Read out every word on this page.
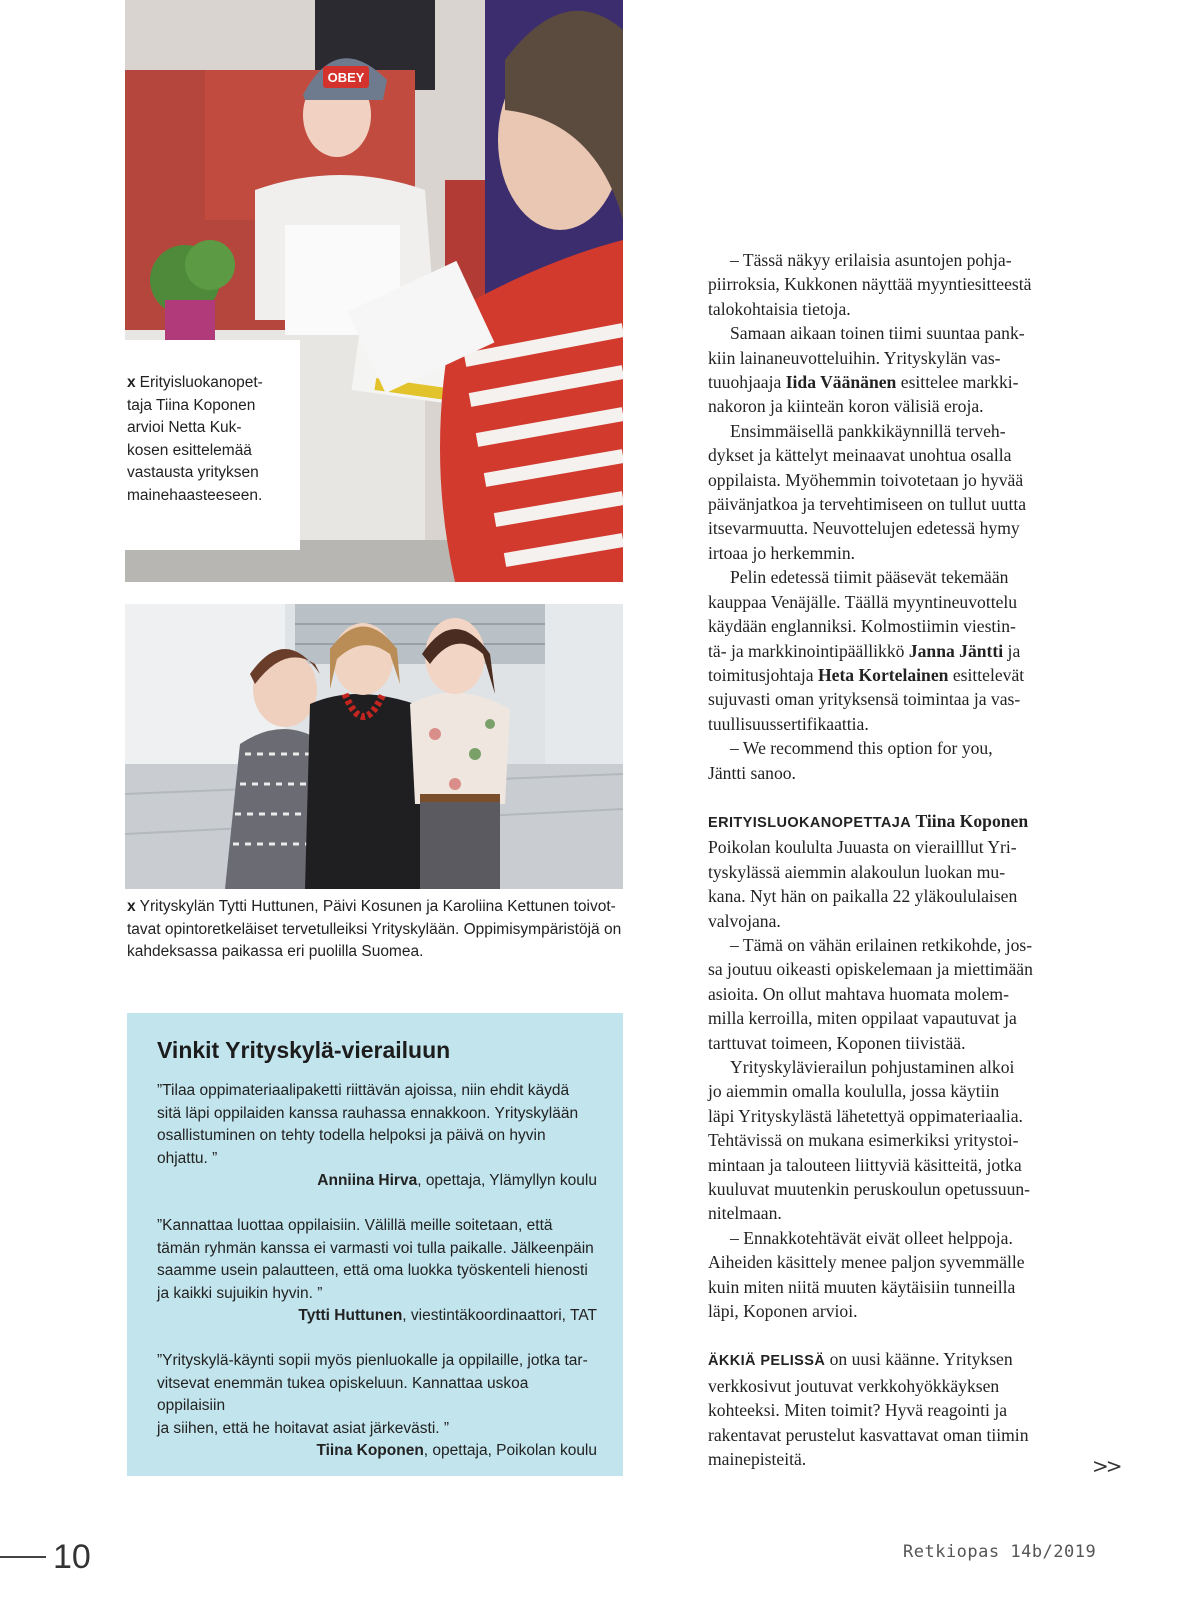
OBEY
x Erityisluokanopet-
taja Tiina Koponen
arvioi Netta Kuk-
kosen esittelemää
vastausta yrityksen
mainehaasteeseen.
x Yrityskylän Tytti Huttunen, Päivi Kosunen ja Karoliina Kettunen toivot-
tavat opintoretkeläiset tervetulleiksi Yrityskylään. Oppimisympäristöjä on
kahdeksassa paikassa eri puolilla Suomea.
Vinkit Yrityskylä-vierailuun

”Tilaa oppimateriaalipaketti riittävän ajoissa, niin ehdit käydä

sitä läpi oppilaiden kanssa rauhassa ennakkoon. Yrityskylään

osallistuminen on tehty todella helpoksi ja päivä on hyvin

ohjattu. ”

Anniina Hirva, opettaja, Ylämyllyn koulu

”Kannattaa luottaa oppilaisiin. Välillä meille soitetaan, että

tämän ryhmän kanssa ei varmasti voi tulla paikalle. Jälkeenpäin

saamme usein palautteen, että oma luokka työskenteli hienosti

ja kaikki sujuikin hyvin. ”

Tytti Huttunen, viestintäkoordinaattori, TAT

”Yrityskylä-käynti sopii myös pienluokalle ja oppilaille, jotka tar-

vitsevat enemmän tukea opiskeluun. Kannattaa uskoa oppilaisiin

ja siihen, että he hoitavat asiat järkevästi. ”

Tiina Koponen, opettaja, Poikolan koulu

– Tässä näkyy erilaisia asuntojen pohja-

piirroksia, Kukkonen näyttää myyntiesitteestä

talokohtaisia tietoja.

Samaan aikaan toinen tiimi suuntaa pank-

kiin lainaneuvotteluihin. Yrityskylän vas-

tuuohjaaja Iida Väänänen esittelee markki-

nakoron ja kiinteän koron välisiä eroja.

Ensimmäisellä pankkikäynnillä terveh-

dykset ja kättelyt meinaavat unohtua osalla

oppilaista. Myöhemmin toivotetaan jo hyvää

päivänjatkoa ja tervehtimiseen on tullut uutta

itsevarmuutta. Neuvottelujen edetessä hymy

irtoaa jo herkemmin.

Pelin edetessä tiimit pääsevät tekemään

kauppaa Venäjälle. Täällä myyntineuvottelu

käydään englanniksi. Kolmostiimin viestin-

tä- ja markkinointipäällikkö Janna Jäntti ja

toimitusjohtaja Heta Kortelainen esittelevät

sujuvasti oman yrityksensä toimintaa ja vas-

tuullisuussertifikaattia.

– We recommend this option for you,

Jäntti sanoo.

ERITYISLUOKANOPETTAJA Tiina Koponen

Poikolan koululta Juuasta on vierailllut Yri-

tyskylässä aiemmin alakoulun luokan mu-

kana. Nyt hän on paikalla 22 yläkoululaisen

valvojana.

– Tämä on vähän erilainen retkikohde, jos-

sa joutuu oikeasti opiskelemaan ja miettimään

asioita. On ollut mahtava huomata molem-

milla kerroilla, miten oppilaat vapautuvat ja

tarttuvat toimeen, Koponen tiivistää.

Yrityskylävierailun pohjustaminen alkoi

jo aiemmin omalla koululla, jossa käytiin

läpi Yrityskylästä lähetettyä oppimateriaalia.

Tehtävissä on mukana esimerkiksi yritystoi-

mintaan ja talouteen liittyviä käsitteitä, jotka

kuuluvat muutenkin peruskoulun opetussuun-

nitelmaan.

– Ennakkotehtävät eivät olleet helppoja.

Aiheiden käsittely menee paljon syvemmälle

kuin miten niitä muuten käytäisiin tunneilla

läpi, Koponen arvioi.

ÄKKIÄ PELISSÄ on uusi käänne. Yrityksen

verkkosivut joutuvat verkkohyökkäyksen

kohteeksi. Miten toimit? Hyvä reagointi ja

rakentavat perustelut kasvattavat oman tiimin

mainepisteitä.	>>
10	Retkiopas 14b/2019
